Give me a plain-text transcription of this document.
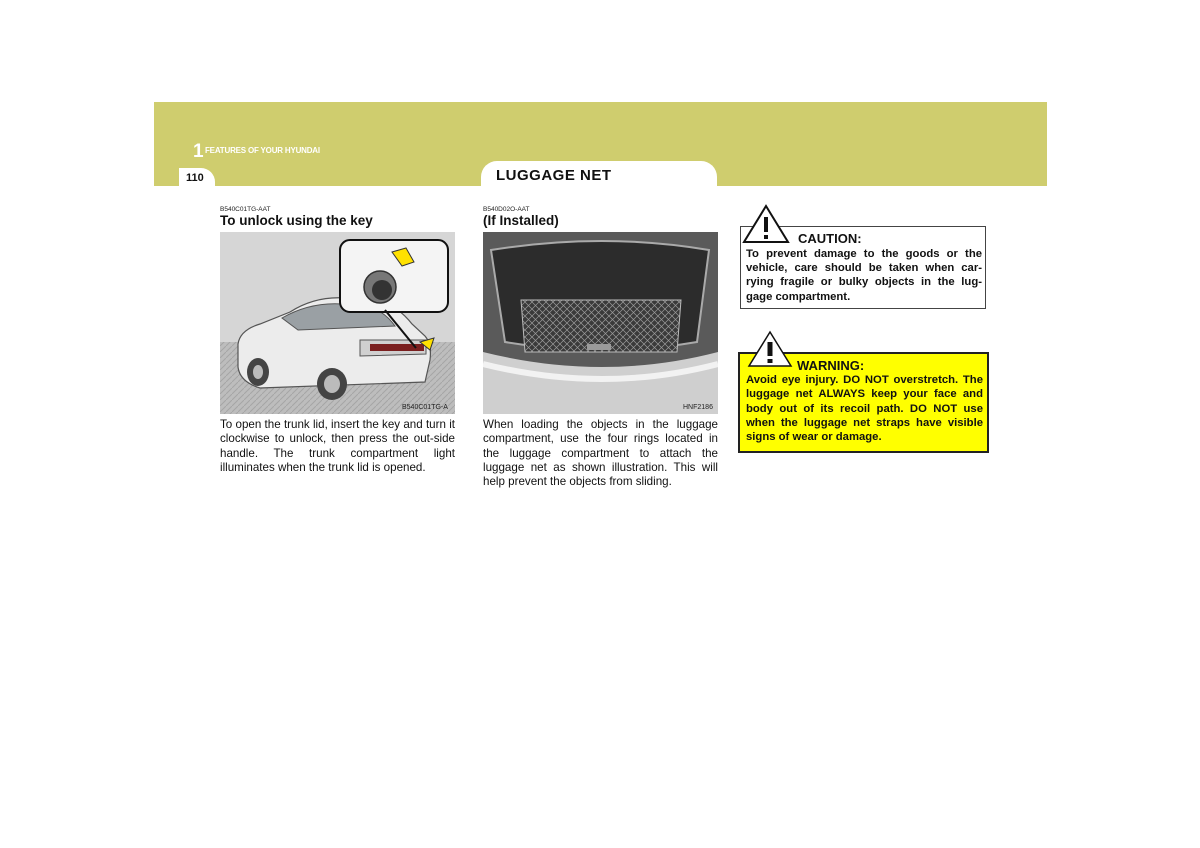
1 FEATURES OF YOUR HYUNDAI
110	LUGGAGE NET
B540C01TG-AAT
To unlock using the key
B540C01TG-A
To open the trunk lid, insert the key and turn it clockwise to unlock, then press the out-side handle. The trunk compartment light illuminates when the trunk lid is opened.
B540D02O-AAT
(If Installed)
HNF2186
When loading the objects in the luggage compartment, use the four rings located in the luggage compartment to attach the luggage net as shown illustration. This will help prevent the objects from sliding.
CAUTION:
To prevent damage to the goods or the vehicle, care should be taken when car-rying fragile or bulky objects in the lug-gage compartment.
WARNING:
Avoid eye injury. DO NOT overstretch. The luggage net ALWAYS keep your face and body out of its recoil path. DO NOT use when the luggage net straps have visible signs of wear or damage.
